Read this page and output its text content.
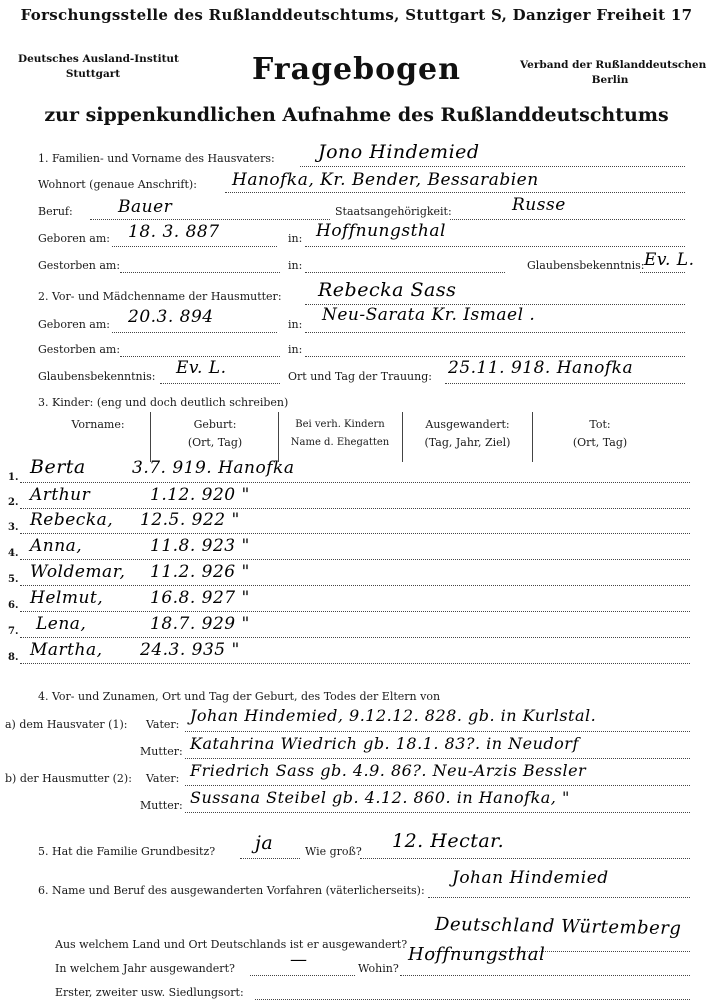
Forschungsstelle des Rußlanddeutschtums, Stuttgart S, Danziger Freiheit 17
Deutsches Ausland-Institut
Stuttgart
Verband der Rußlanddeutschen
Berlin
Fragebogen
zur sippenkundlichen Aufnahme des Rußlanddeutschtums
1. Familien- und Vorname des Hausvaters: Jono Hindemied
Wohnort (genaue Anschrift): Hanofka, Kr. Bender, Bessarabien
Beruf:	Bauer	Staatsangehörigkeit:	Russe
Geboren am: 18. 3. 887	in: Hoffnungsthal
Gestorben am:	in:	Glaubensbekenntnis: Ev. L.
2. Vor- und Mädchenname der Hausmutter: Rebecka Sass
Geboren am: 20.3. 894	in: Neu-Sarata Kr. Ismael .
Gestorben am:	in:
Glaubensbekenntnis: Ev. L.	Ort und Tag der Trauung: 25.11. 918. Hanofka
3. Kinder: (eng und doch deutlich schreiben)
Vorname:	Geburt:
(Ort, Tag)
Bei verh. Kindern
Name d. Ehegatten
Ausgewandert:
(Tag, Jahr, Ziel)
Tot:
(Ort, Tag)
1. Berta	3.7. 919. Hanofka
2. Arthur	1.12. 920 "
3. Rebecka, 12.5. 922 "
4. Anna,	11.8. 923 "
5. Woldemar, 11.2. 926 "
6. Helmut,	16.8. 927 "
7. Lena,	18.7. 929 "
8. Martha, 24.3. 935 "
4. Vor- und Zunamen, Ort und Tag der Geburt, des Todes der Eltern von
a) dem Hausvater (1): Vater: Johan Hindemied, 9.12.12. 828. gb. in Kurlstal.
Mutter: Katahrina Wiedrich gb. 18.1. 83?. in Neudorf
b) der Hausmutter (2): Vater: Friedrich Sass gb. 4.9. 86?. Neu-Arzis Bessler
Mutter: Sussana Steibel gb. 4.12. 860. in Hanofka, "
5. Hat die Familie Grundbesitz? ja	Wie groß? 12. Hectar.
6. Name und Beruf des ausgewanderten Vorfahren (väterlicherseits):
Johan Hindemied
Aus welchem Land und Ort Deutschlands ist er ausgewandert?
Deutschland Würtemberg
In welchem Jahr ausgewandert?	—	Wohin?
Hoffnungsthal
Erster, zweiter usw. Siedlungsort:
